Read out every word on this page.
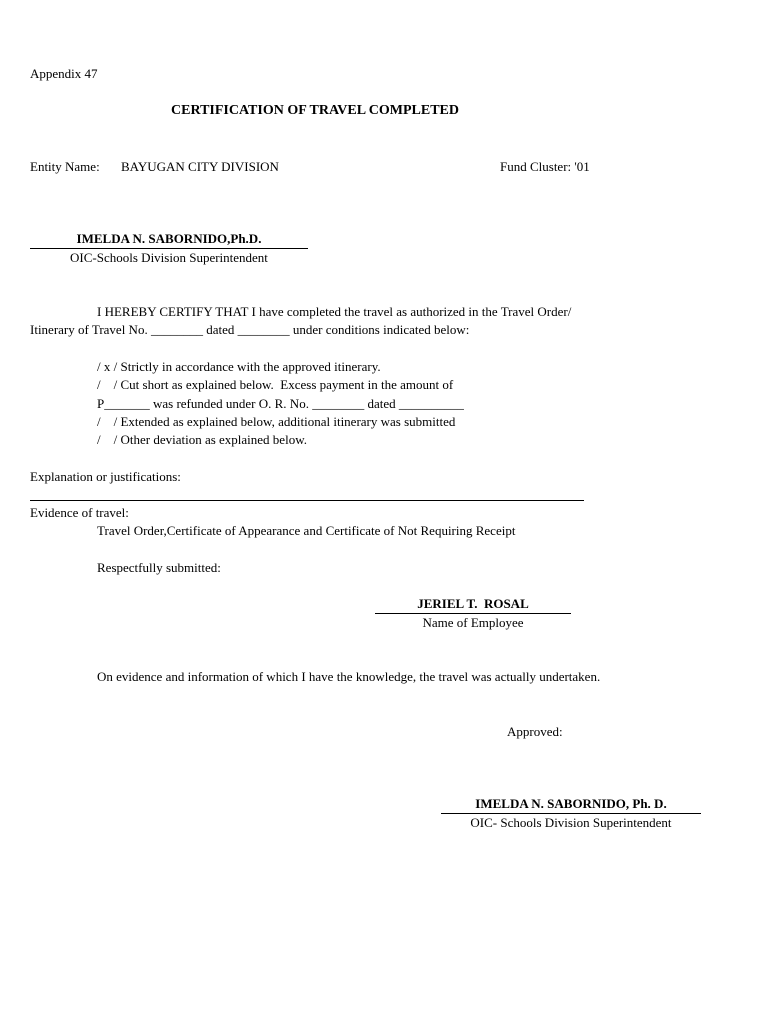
Appendix 47
CERTIFICATION OF TRAVEL COMPLETED
Entity Name: BAYUGAN CITY DIVISION	Fund Cluster: '01
IMELDA N. SABORNIDO,Ph.D.
OIC-Schools Division Superintendent
I HEREBY CERTIFY THAT I have completed the travel as authorized in the Travel Order/
Itinerary of Travel No. ________ dated ________ under conditions indicated below:
/ x / Strictly in accordance with the approved itinerary.
/    / Cut short as explained below.  Excess payment in the amount of
P_______ was refunded under O. R. No. ________ dated __________
/    / Extended as explained below, additional itinerary was submitted
/    / Other deviation as explained below.
Explanation or justifications:
Evidence of travel:
Travel Order,Certificate of Appearance and Certificate of Not Requiring Receipt
Respectfully submitted:
JERIEL T.  ROSAL
Name of Employee
On evidence and information of which I have the knowledge, the travel was actually undertaken.
Approved:
IMELDA N. SABORNIDO, Ph. D.
OIC- Schools Division Superintendent
